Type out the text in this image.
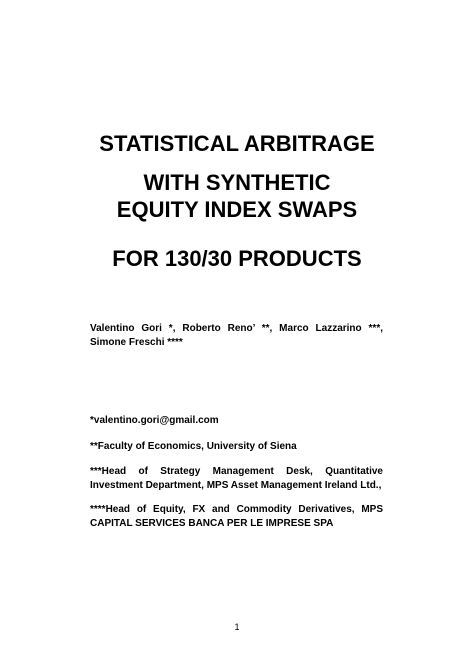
STATISTICAL ARBITRAGE
WITH SYNTHETIC
EQUITY INDEX SWAPS
FOR 130/30 PRODUCTS
Valentino Gori *, Roberto Reno’ **, Marco Lazzarino ***, Simone Freschi ****
*valentino.gori@gmail.com
**Faculty of Economics, University of Siena
***Head of Strategy Management Desk, Quantitative Investment Department, MPS Asset Management Ireland Ltd.,
****Head of Equity, FX and Commodity Derivatives, MPS CAPITAL SERVICES BANCA PER LE IMPRESE SPA
1
